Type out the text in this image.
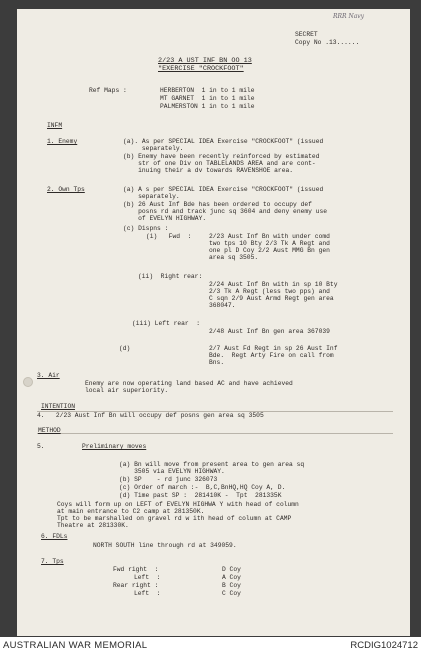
RRR Navy
SECRET
Copy No .13......
2/23 A UST INF BN OO 13
"EXERCISE "CROCKFOOT"
Ref Maps :	HERBERTON  1 in to 1 mile
MT GARNET  1 in to 1 mile
PALMERSTON 1 in to 1 mile
INFM
1. Enemy	(a). As per SPECIAL IDEA Exercise "CROCKFOOT" (issued
separately.
(b) Enemy have been recently reinforced by estimated
str of one Div on TABLELANDS AREA and are cont-
inuing their a dv towards RAVENSHOE area.
2. Own Tps	(a) A s per SPECIAL IDEA Exercise "CROCKFOOT" (issued
separately.
(b) 26 Aust Inf Bde has been ordered to occupy def
posns rd and track junc sq 3604 and deny enemy use
of EVELYN HIGHWAY.
(c) Dispns :
(i)   Fwd  :	2/23 Aust Inf Bn with under comd
two tps 10 Bty 2/3 Tk A Regt and
one pl D Coy 2/2 Aust MMG Bn gen
area sq 3505.
(ii)  Right rear:
2/24 Aust Inf Bn with in sp 10 Bty
2/3 Tk A Regt (less two pps) and
C sqn 2/9 Aust Armd Regt gen area
368047.
(iii) Left rear  :
2/48 Aust Inf Bn gen area 367039
(d)	2/7 Aust Fd Regt in sp 26 Aust Inf
Bde.  Regt Arty Fire on call from
Bns.
3. Air
Enemy are now operating land based AC and have achieved
local air superiority.
INTENTION
4.   2/23 Aust Inf Bn will occupy def posns gen area sq 3505
METHOD
5.	Preliminary moves
(a) Bn will move from present area to gen area sq
3505 via EVELYN HIGHWAY.
(b) SP    - rd junc 326073
(c) Order of march :-  B,C,BnHQ,HQ Coy A, D.
(d) Time past SP :  281410K -  Tpt  281335K
Coys will form up on LEFT of EVELYN HIGHWA Y with head of column
at main entrance to C2 camp at 281350K.
Tpt to be marshalled on gravel rd w ith head of column at CAMP
Theatre at 281330K.
6. FDLs
NORTH SOUTH line through rd at 349059.
7. Tps
Fwd right  :	D Coy
Left  :	A Coy
Rear right :	B Coy
Left  :	C Coy
AUSTRALIAN WAR MEMORIAL	RCDIG1024712
